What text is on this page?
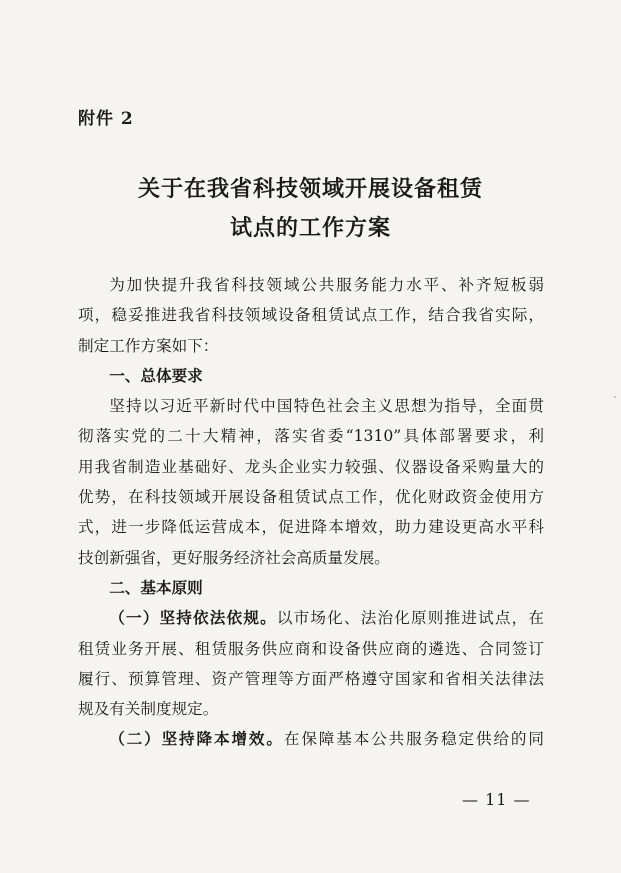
附件 2
关于在我省科技领域开展设备租赁
试点的工作方案

为加快提升我省科技领域公共服务能力水平、补齐短板弱

项，稳妥推进我省科技领域设备租赁试点工作，结合我省实际，

制定工作方案如下：

一、总体要求

坚持以习近平新时代中国特色社会主义思想为指导，全面贯

彻落实党的二十大精神，落实省委“1310”具体部署要求，利

用我省制造业基础好、龙头企业实力较强、仪器设备采购量大的

优势，在科技领域开展设备租赁试点工作，优化财政资金使用方

式，进一步降低运营成本，促进降本增效，助力建设更高水平科

技创新强省，更好服务经济社会高质量发展。

二、基本原则

（一）坚持依法依规。以市场化、法治化原则推进试点，在

租赁业务开展、租赁服务供应商和设备供应商的遴选、合同签订

履行、预算管理、资产管理等方面严格遵守国家和省相关法律法

规及有关制度规定。

（二）坚持降本增效。在保障基本公共服务稳定供给的同

— 11 —
